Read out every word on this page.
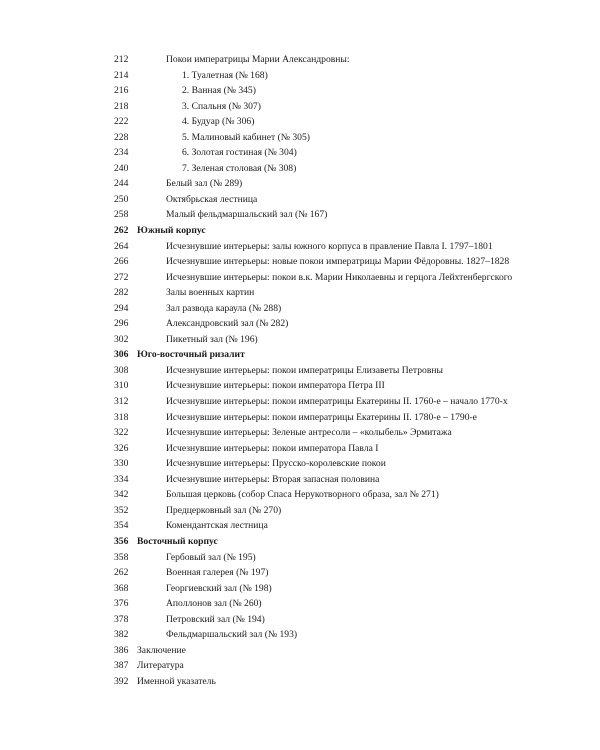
212	Покои императрицы Марии Александровны:
214	1. Туалетная (№ 168)
216	2. Ванная (№ 345)
218	3. Спальня (№ 307)
222	4. Будуар (№ 306)
228	5. Малиновый кабинет (№ 305)
234	6. Золотая гостиная (№ 304)
240	7. Зеленая столовая (№ 308)
244	Белый зал (№ 289)
250	Октябрьская лестница
258	Малый фельдмаршальский зал (№ 167)
262 Южный корпус
264	Исчезнувшие интерьеры: залы южного корпуса в правление Павла I. 1797–1801
266	Исчезнувшие интерьеры: новые покои императрицы Марии Фёдоровны. 1827–1828
272	Исчезнувшие интерьеры: покои в.к. Марии Николаевны и герцога Лейхтенбергского
282	Залы военных картин
294	Зал развода караула (№ 288)
296	Александровский зал (№ 282)
302	Пикетный зал (№ 196)
306 Юго-восточный ризалит
308	Исчезнувшие интерьеры: покои императрицы Елизаветы Петровны
310	Исчезнувшие интерьеры: покои императора Петра III
312	Исчезнувшие интерьеры: покои императрицы Екатерины II. 1760-е – начало 1770-х
318	Исчезнувшие интерьеры: покои императрицы Екатерины II. 1780-е – 1790-е
322	Исчезнувшие интерьеры: Зеленые антресоли – «колыбель» Эрмитажа
326	Исчезнувшие интерьеры: покои императора Павла I
330	Исчезнувшие интерьеры: Прусско-королевские покои
334	Исчезнувшие интерьеры: Вторая запасная половина
342	Большая церковь (собор Спаса Нерукотворного образа, зал № 271)
352	Предцерковный зал (№ 270)
354	Комендантская лестница
356 Восточный корпус
358	Гербовый зал (№ 195)
262	Военная галерея (№ 197)
368	Георгиевский зал (№ 198)
376	Аполлонов зал (№ 260)
378	Петровский зал (№ 194)
382	Фельдмаршальский зал (№ 193)
386 Заключение
387 Литература
392 Именной указатель
